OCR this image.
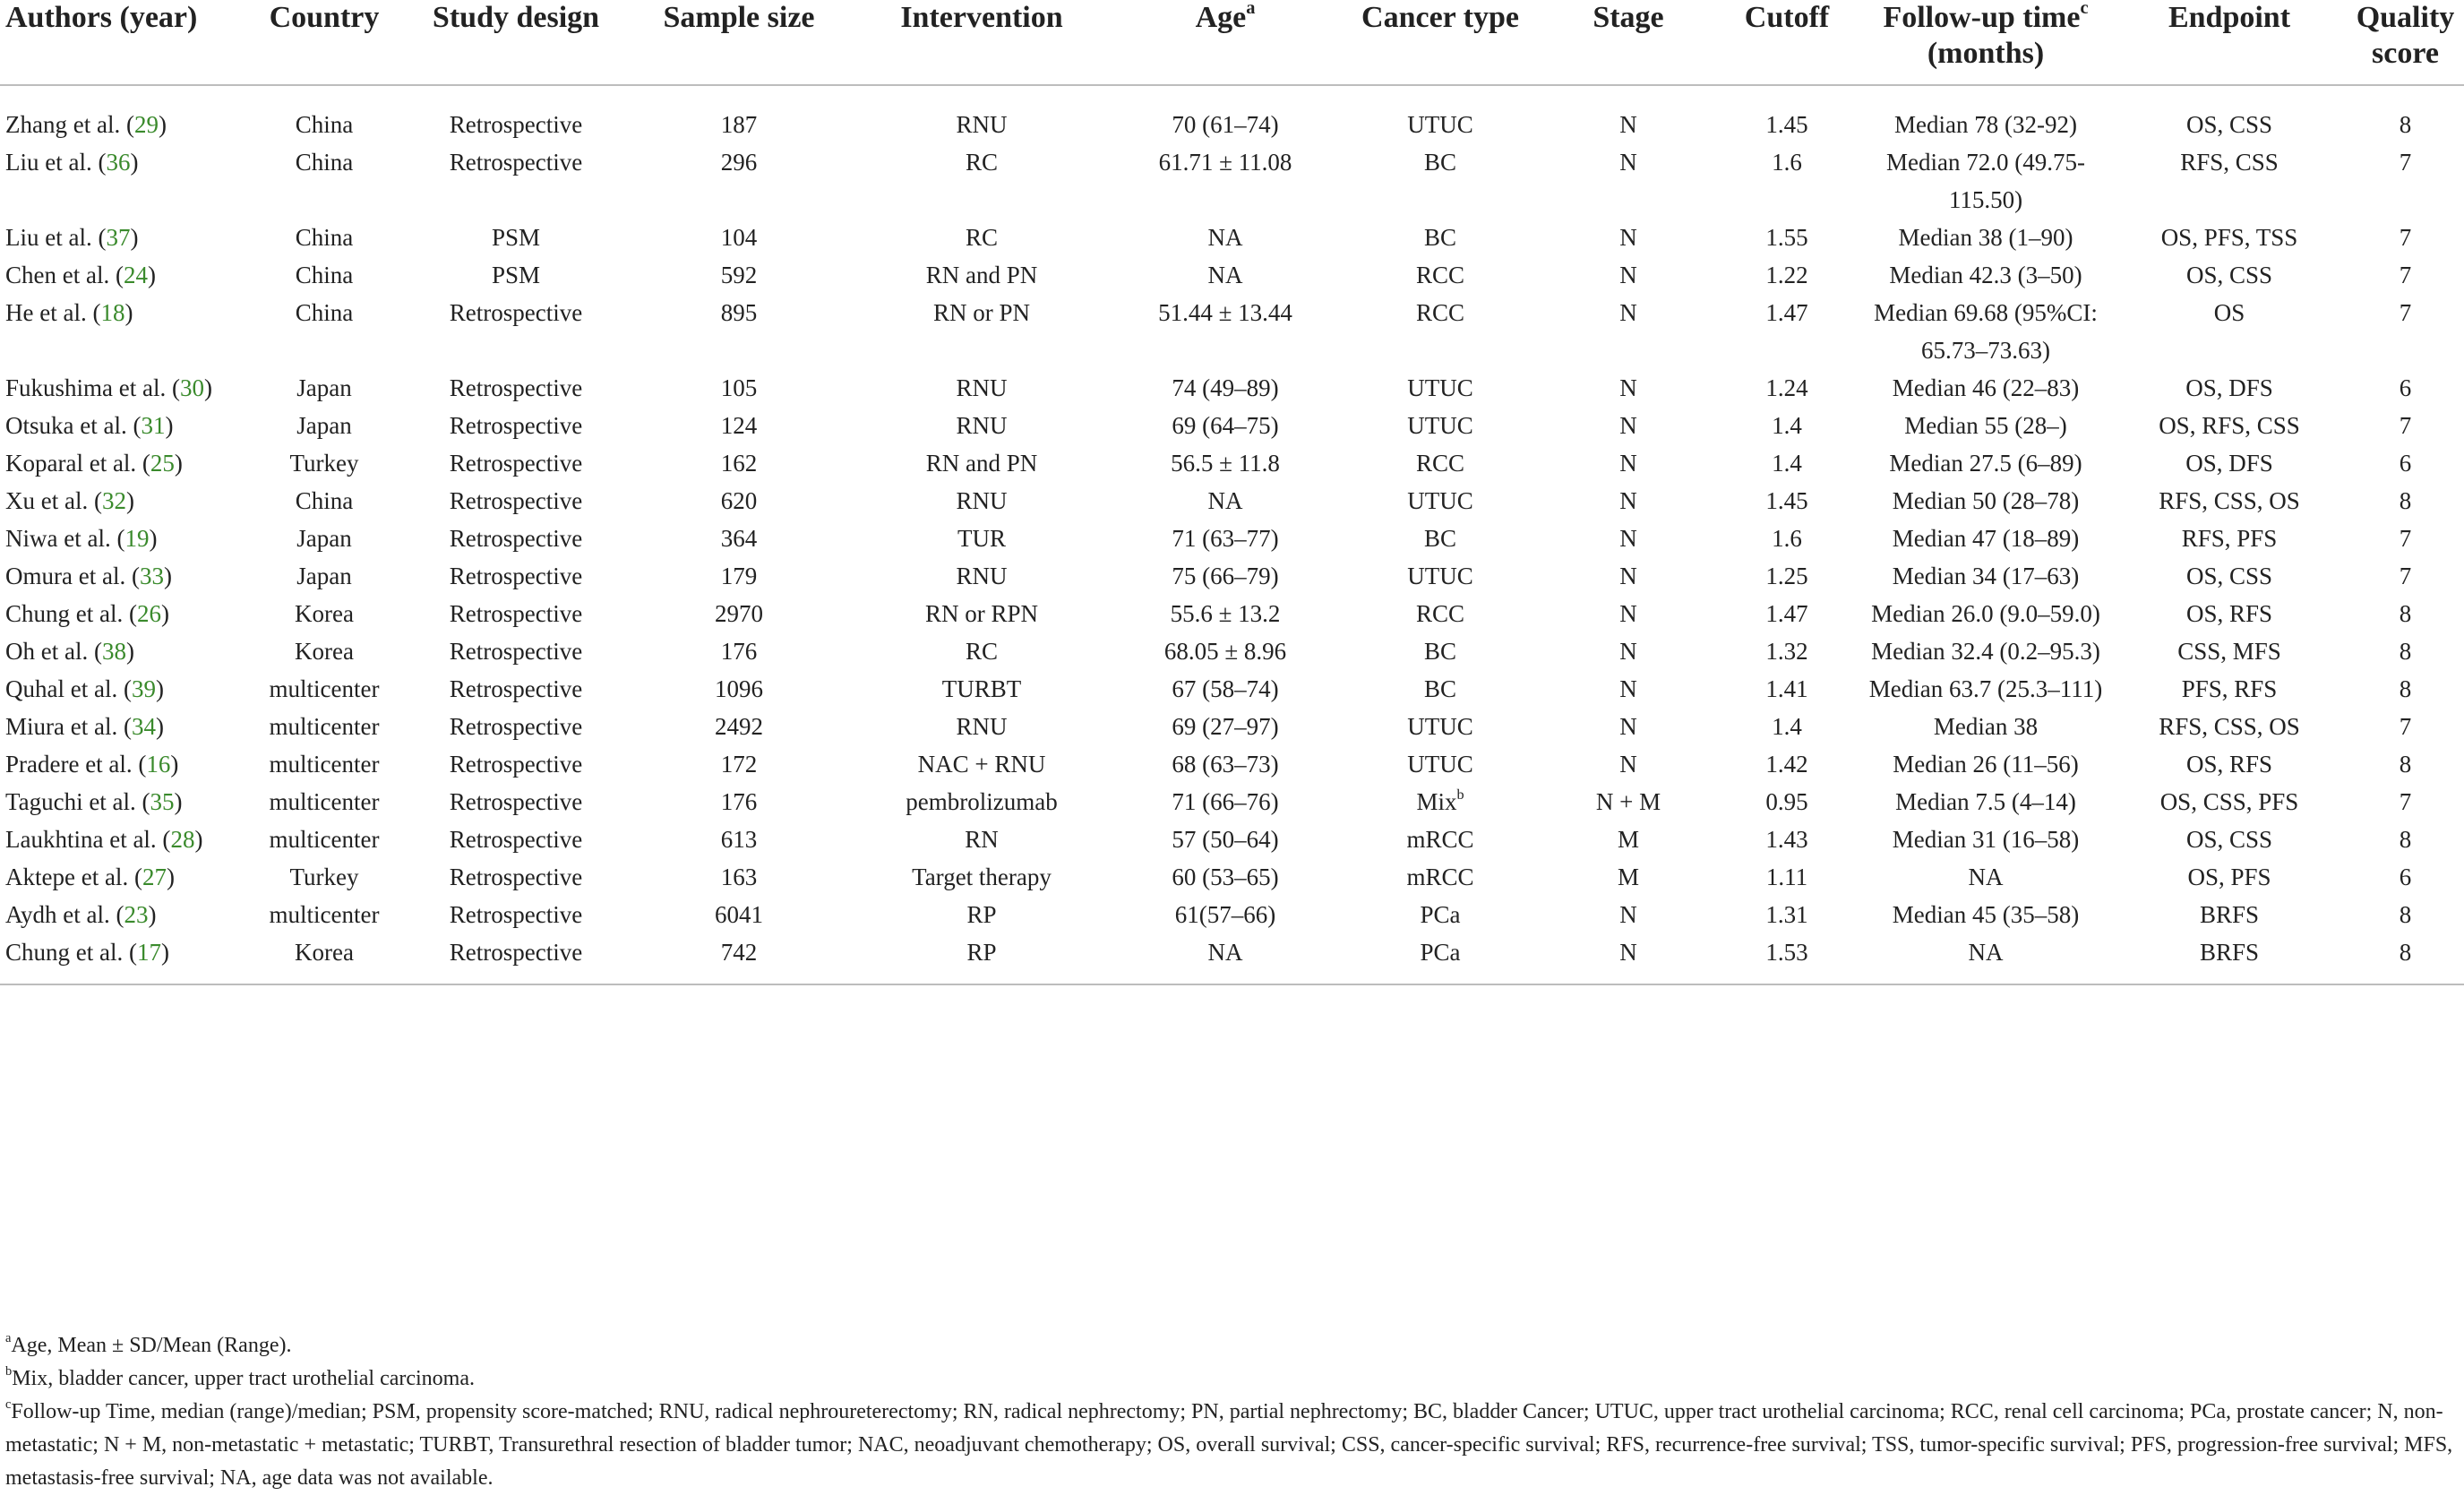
Authors (year)	Country	Study design	Sample size	Intervention	Age$^a$	Cancer type	Stage	Cutoff	Follow-up time$^c$ (months)	Endpoint	Quality score

Zhang et al. (29)	China	Retrospective	187	RNU	70 (61–74)	UTUC	N	1.45	Median 78 (32-92)	OS, CSS	8
Liu et al. (36)	China	Retrospective	296	RC	61.71 ± 11.08	BC	N	1.6	Median 72.0 (49.75-115.50)	RFS, CSS	7
Liu et al. (37)	China	PSM	104	RC	NA	BC	N	1.55	Median 38 (1–90)	OS, PFS, TSS	7
Chen et al. (24)	China	PSM	592	RN and PN	NA	RCC	N	1.22	Median 42.3 (3–50)	OS, CSS	7
He et al. (18)	China	Retrospective	895	RN or PN	51.44 ± 13.44	RCC	N	1.47	Median 69.68 (95%CI: 65.73–73.63)	OS	7
Fukushima et al. (30)	Japan	Retrospective	105	RNU	74 (49–89)	UTUC	N	1.24	Median 46 (22–83)	OS, DFS	6
Otsuka et al. (31)	Japan	Retrospective	124	RNU	69 (64–75)	UTUC	N	1.4	Median 55 (28–)	OS, RFS, CSS	7
Koparal et al. (25)	Turkey	Retrospective	162	RN and PN	56.5 ± 11.8	RCC	N	1.4	Median 27.5 (6–89)	OS, DFS	6
Xu et al. (32)	China	Retrospective	620	RNU	NA	UTUC	N	1.45	Median 50 (28–78)	RFS, CSS, OS	8
Niwa et al. (19)	Japan	Retrospective	364	TUR	71 (63–77)	BC	N	1.6	Median 47 (18–89)	RFS, PFS	7
Omura et al. (33)	Japan	Retrospective	179	RNU	75 (66–79)	UTUC	N	1.25	Median 34 (17–63)	OS, CSS	7
Chung et al. (26)	Korea	Retrospective	2970	RN or RPN	55.6 ± 13.2	RCC	N	1.47	Median 26.0 (9.0–59.0)	OS, RFS	8
Oh et al. (38)	Korea	Retrospective	176	RC	68.05 ± 8.96	BC	N	1.32	Median 32.4 (0.2–95.3)	CSS, MFS	8
Quhal et al. (39)	multicenter	Retrospective	1096	TURBT	67 (58–74)	BC	N	1.41	Median 63.7 (25.3–111)	PFS, RFS	8
Miura et al. (34)	multicenter	Retrospective	2492	RNU	69 (27–97)	UTUC	N	1.4	Median 38	RFS, CSS, OS	7
Pradere et al. (16)	multicenter	Retrospective	172	NAC + RNU	68 (63–73)	UTUC	N	1.42	Median 26 (11–56)	OS, RFS	8
Taguchi et al. (35)	multicenter	Retrospective	176	pembrolizumab	71 (66–76)	Mix$^b$	N + M	0.95	Median 7.5 (4–14)	OS, CSS, PFS	7
Laukhtina et al. (28)	multicenter	Retrospective	613	RN	57 (50–64)	mRCC	M	1.43	Median 31 (16–58)	OS, CSS	8
Aktepe et al. (27)	Turkey	Retrospective	163	Target therapy	60 (53–65)	mRCC	M	1.11	NA	OS, PFS	6
Aydh et al. (23)	multicenter	Retrospective	6041	RP	61(57–66)	PCa	N	1.31	Median 45 (35–58)	BRFS	8
Chung et al. (17)	Korea	Retrospective	742	RP	NA	PCa	N	1.53	NA	BRFS	8

$^a$Age, Mean ± SD/Mean (Range).

$^b$Mix, bladder cancer, upper tract urothelial carcinoma.

$^c$Follow-up Time, median (range)/median; PSM, propensity score-matched; RNU, radical nephroureterectomy; RN, radical nephrectomy; PN, partial nephrectomy; BC, bladder Cancer; UTUC, upper tract urothelial carcinoma; RCC, renal cell carcinoma; PCa, prostate cancer; N, non-metastatic; N + M, non-metastatic + metastatic; TURBT, Transurethral resection of bladder tumor; NAC, neoadjuvant chemotherapy; OS, overall survival; CSS, cancer-specific survival; RFS, recurrence-free survival; TSS, tumor-specific survival; PFS, progression-free survival; MFS, metastasis-free survival; NA, age data was not available.
